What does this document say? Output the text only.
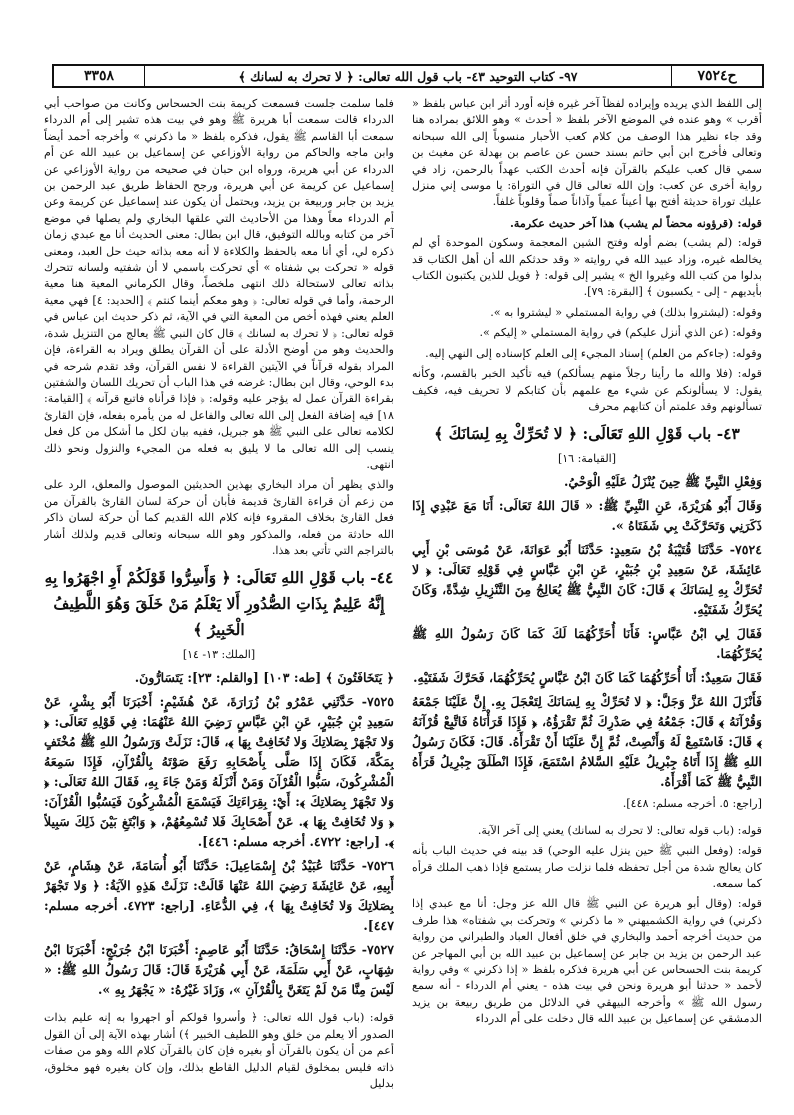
ح٧٥٢٤
٩٧- كتاب التوحيد ٤٣- باب قول الله تعالى: ﴿ لا تحرك به لسانك ﴾
٣٣٥٨

إلى اللفظ الذي يريده وإيراده لفظاً آخر غيره فإنه أورد أثر ابن عباس بلفظ « أقرب » وهو عنده في الموضع الآخر بلفظ « أحدث » وهو اللائق بمراده هنا وقد جاء نظير هذا الوصف من كلام كعب الأحبار منسوباً إلى الله سبحانه وتعالى فأخرج ابن أبي حاتم بسند حسن عن عاصم بن بهدلة عن مغيث بن سمي قال كعب عليكم بالقرآن فإنه أحدث الكتب عهداً بالرحمن، زاد في رواية أخرى عن كعب: وإن الله تعالى قال في التوراة: يا موسى إني منزل عليك توراة حديثة أفتح بها أعيناً عمياً وآذاناً صماً وقلوباً غلفاً.

قوله: (قرؤونه محضاً لم يشب) هذا آخر حديث عكرمة.

قوله: (لم يشب) بضم أوله وفتح الشين المعجمة وسكون الموحدة أي لم يخالطه غيره، وزاد عبيد الله في روايته « وقد حدثكم الله أن أهل الكتاب قد بدلوا من كتب الله وغيروا الخ » يشير إلى قوله: ﴿ فويل للذين يكتبون الكتاب بأيديهم - إلى - يكسبون ﴾ [البقرة: ٧٩].

وقوله: (ليشتروا بذلك) في رواية المستملي « ليشتروا به ».

وقوله: (عن الذي أنزل عليكم) في رواية المستملي « إليكم ».

وقوله: (جاءكم من العلم) إسناد المجيء إلى العلم كإسناده إلى النهي إليه.

قوله: (فلا والله ما رأينا رجلاً منهم يسألكم) فيه تأكيد الخبر بالقسم، وكأنه يقول: لا يسألونكم عن شيء مع علمهم بأن كتابكم لا تحريف فيه، فكيف تسألونهم وقد علمتم أن كتابهم محرف

٤٣- باب قَوْلِ اللهِ تَعَالَى: ﴿ لا تُحَرِّكْ بِهِ لِسَانَكَ ﴾
[القيامة: ١٦]

وَفِعْلِ النَّبِيِّ ﷺ حِينَ يُنْزَلُ عَلَيْهِ الْوَحْيُ.

وَقَالَ أَبُو هُرَيْرَةَ، عَنِ النَّبِيِّ ﷺ: « قَالَ اللهُ تَعَالَى: أَنَا مَعَ عَبْدِي إِذَا ذَكَرَنِي وَتَحَرَّكَتْ بِي شَفَتَاهُ ».

٧٥٢٤- حَدَّثَنَا قُتَيْبَةُ بْنُ سَعِيدٍ: حَدَّثَنَا أَبُو عَوَانَةَ، عَنْ مُوسَى بْنِ أَبِي عَائِشَةَ، عَنْ سَعِيدِ بْنِ جُبَيْرٍ، عَنِ ابْنِ عَبَّاسٍ فِي قَوْلِهِ تَعَالَى: ﴿ لا تُحَرِّكْ بِهِ لِسَانَكَ ﴾ قَالَ: كَانَ النَّبِيُّ ﷺ يُعَالِجُ مِنَ التَّنْزِيلِ شِدَّةً، وَكَانَ يُحَرِّكُ شَفَتَيْهِ.

فَقَالَ لِي ابْنُ عَبَّاسٍ: فَأَنَا أُحَرِّكُهُمَا لَكَ كَمَا كَانَ رَسُولُ اللهِ ﷺ يُحَرِّكُهُمَا.

فَقَالَ سَعِيدٌ: أَنَا أُحَرِّكُهُمَا كَمَا كَانَ ابْنُ عَبَّاسٍ يُحَرِّكُهُمَا، فَحَرَّكَ شَفَتَيْهِ.

فَأَنْزَلَ اللهُ عَزَّ وَجَلَّ: ﴿ لا تُحَرِّكْ بِهِ لِسَانَكَ لِتَعْجَلَ بِهِ. إِنَّ عَلَيْنَا جَمْعَهُ وَقُرْآنَهُ ﴾ قَالَ: جَمْعُهُ فِي صَدْرِكَ ثُمَّ تَقْرَؤُهُ، ﴿ فَإِذَا قَرَأْنَاهُ فَاتَّبِعْ قُرْآنَهُ ﴾ قَالَ: فَاسْتَمِعْ لَهُ وَأَنْصِتْ، ثُمَّ إِنَّ عَلَيْنَا أَنْ تَقْرَأَهُ. قَالَ: فَكَانَ رَسُولُ اللهِ ﷺ إِذَا أَتَاهُ جِبْرِيلُ عَلَيْهِ السَّلامُ اسْتَمَعَ، فَإِذَا انْطَلَقَ جِبْرِيلُ قَرَأَهُ النَّبِيُّ ﷺ كَمَا أَقْرَأَهُ.

[راجع: ٥. أخرجه مسلم: ٤٤٨].

قوله: (باب قوله تعالى: لا تحرك به لسانك) يعني إلى آخر الآية.

قوله: (وفعل النبي ﷺ حين ينزل عليه الوحي) قد بينه في حديث الباب بأنه كان يعالج شدة من أجل تحفظه فلما نزلت صار يستمع فإذا ذهب الملك قرأه كما سمعه.

قوله: (وقال أبو هريرة عن النبي ﷺ قال الله عز وجل: أنا مع عبدي إذا ذكرني) في رواية الكشميهني « ما ذكرني » وتحركت بي شفتاه» هذا طرف من حديث أخرجه أحمد والبخاري في خلق أفعال العباد والطبراني من رواية عبد الرحمن بن يزيد بن جابر عن إسماعيل بن عبيد الله بن أبي المهاجر عن كريمة بنت الحسحاس عن أبي هريرة فذكره بلفظ « إذا ذكرني » وفي رواية لأحمد « حدثنا أبو هريرة ونحن في بيت هذه - يعني أم الدرداء - أنه سمع رسول الله ﷺ » وأخرجه البيهقي في الدلائل من طريق ربيعة بن يزيد الدمشقي عن إسماعيل بن عبيد الله قال دخلت على أم الدرداء

فلما سلمت جلست فسمعت كريمة بنت الحسحاس وكانت من صواحب أبي الدرداء قالت سمعت أبا هريرة ﷺ وهو في بيت هذه تشير إلى أم الدرداء سمعت أبا القاسم ﷺ يقول، فذكره بلفظ « ما ذكرني » وأخرجه أحمد أيضاً وابن ماجه والحاكم من رواية الأوزاعي عن إسماعيل بن عبيد الله عن أم الدرداء عن أبي هريرة، ورواه ابن حبان في صحيحه من رواية الأوزاعي عن إسماعيل عن كريمة عن أبي هريرة، ورجح الحفاظ طريق عبد الرحمن بن يزيد بن جابر وربيعة بن يزيد، ويحتمل أن يكون عند إسماعيل عن كريمة وعن أم الدرداء معاً وهذا من الأحاديث التي علقها البخاري ولم يصلها في موضع آخر من كتابه وبالله التوفيق، قال ابن بطال: معنى الحديث أنا مع عبدي زمان ذكره لي، أي أنا معه بالحفظ والكلاءة لا أنه معه بذاته حيث حل العبد، ومعنى قوله « تحركت بي شفتاه » أي تحركت باسمي لا أن شفتيه ولسانه تتحرك بذاته تعالى لاستحالة ذلك انتهى ملخصاً، وقال الكرماني المعية هنا معية الرحمة، وأما في قوله تعالى: ﴿ وهو معكم أينما كنتم ﴾ [الحديد: ٤] فهي معية العلم يعني فهذه أخص من المعية التي في الآية، ثم ذكر حديث ابن عباس في قوله تعالى: ﴿ لا تحرك به لسانك ﴾ قال كان النبي ﷺ يعالج من التنزيل شدة، والحديث وهو من أوضح الأدلة على أن القرآن يطلق ويراد به القراءة، فإن المراد بقوله قرآناً في الآيتين القراءة لا نفس القرآن، وقد تقدم شرحه في بدء الوحي، وقال ابن بطال: غرضه في هذا الباب أن تحريك اللسان والشفتين بقراءة القرآن عمل له يؤجر عليه وقوله: ﴿ فإذا قرأناه فاتبع قرآنه ﴾ [القيامة: ١٨] فيه إضافة الفعل إلى الله تعالى والفاعل له من يأمره بفعله، فإن القارئ لكلامه تعالى على النبي ﷺ هو جبريل، ففيه بيان لكل ما أشكل من كل فعل ينسب إلى الله تعالى ما لا يليق به فعله من المجيء والنزول ونحو ذلك انتهى.

والذي يظهر أن مراد البخاري بهذين الحديثين الموصول والمعلق، الرد على من زعم أن قراءة القارئ قديمة فأبان أن حركة لسان القارئ بالقرآن من فعل القارئ بخلاف المقروء فإنه كلام الله القديم كما أن حركة لسان ذاكر الله حادثة من فعله، والمذكور وهو الله سبحانه وتعالى قديم ولذلك أشار بالتراجم التي تأتي بعد هذا.

٤٤- باب قَوْلِ اللهِ تَعَالَى: ﴿ وَأَسِرُّوا قَوْلَكُمْ أَوِ اجْهَرُوا بِهِ إِنَّهُ عَلِيمٌ بِذَاتِ الصُّدُورِ أَلا يَعْلَمُ مَنْ خَلَقَ وَهُوَ اللَّطِيفُ الْخَبِيرُ ﴾
[الملك: ١٣- ١٤]

﴿ يَتَخَافَتُونَ ﴾ [طه: ١٠٣] [والقلم: ٢٣]: يَتَسَارُّونَ.

٧٥٢٥- حَدَّثَنِي عَمْرُو بْنُ زُرَارَةَ، عَنْ هُشَيْمٍ: أَخْبَرَنَا أَبُو بِشْرٍ، عَنْ سَعِيدِ بْنِ جُبَيْرٍ، عَنِ ابْنِ عَبَّاسٍ رَضِيَ اللهُ عَنْهُمَا: فِي قَوْلِهِ تَعَالَى: ﴿ وَلا تَجْهَرْ بِصَلاتِكَ وَلا تُخَافِتْ بِهَا ﴾، قَالَ: نَزَلَتْ وَرَسُولُ اللهِ ﷺ مُخْتَفٍ بِمَكَّةَ، فَكَانَ إِذَا صَلَّى بِأَصْحَابِهِ رَفَعَ صَوْتَهُ بِالْقُرْآنِ، فَإِذَا سَمِعَهُ الْمُشْرِكُونَ، سَبُّوا الْقُرْآنَ وَمَنْ أَنْزَلَهُ وَمَنْ جَاءَ بِهِ، فَقَالَ اللهُ تَعَالَى: ﴿ وَلا تَجْهَرْ بِصَلاتِكَ ﴾: أَيْ: بِقِرَاءَتِكَ فَيَسْمَعَ الْمُشْرِكُونَ فَيَسُبُّوا الْقُرْآنَ: ﴿ وَلا تُخَافِتْ بِهَا ﴾. عَنْ أَصْحَابِكَ فَلا تُسْمِعُهُمْ، ﴿ وَابْتَغِ بَيْنَ ذَلِكَ سَبِيلاً ﴾. [راجع: ٤٧٢٢. أخرجه مسلم: ٤٤٦].

٧٥٢٦- حَدَّثَنَا عُبَيْدُ بْنُ إِسْمَاعِيلَ: حَدَّثَنَا أَبُو أُسَامَةَ، عَنْ هِشَامٍ، عَنْ أَبِيهِ، عَنْ عَائِشَةَ رَضِيَ اللهُ عَنْهَا قَالَتْ: نَزَلَتْ هَذِهِ الآيَةُ: ﴿ وَلا تَجْهَرْ بِصَلاتِكَ وَلا تُخَافِتْ بِهَا ﴾، فِي الدُّعَاءِ. [راجع: ٤٧٢٣. أخرجه مسلم: ٤٤٧].

٧٥٢٧- حَدَّثَنَا إِسْحَاقُ: حَدَّثَنَا أَبُو عَاصِمٍ: أَخْبَرَنَا ابْنُ جُرَيْجٍ: أَخْبَرَنَا ابْنُ شِهَابٍ، عَنْ أَبِي سَلَمَةَ، عَنْ أَبِي هُرَيْرَةَ قَالَ: قَالَ رَسُولُ اللهِ ﷺ: « لَيْسَ مِنَّا مَنْ لَمْ يَتَغَنَّ بِالْقُرْآنِ »، وَزَادَ غَيْرُهُ: « يَجْهَرُ بِهِ ».

قوله: (باب قول الله تعالى: ﴿ وأسروا قولكم أو اجهروا به إنه عليم بذات الصدور ألا يعلم من خلق وهو اللطيف الخبير ﴾) أشار بهذه الآية إلى أن القول أعم من أن يكون بالقرآن أو بغيره فإن كان بالقرآن كلام الله وهو من صفات ذاته فليس بمخلوق لقيام الدليل القاطع بذلك، وإن كان بغيره فهو مخلوق، بدليل
